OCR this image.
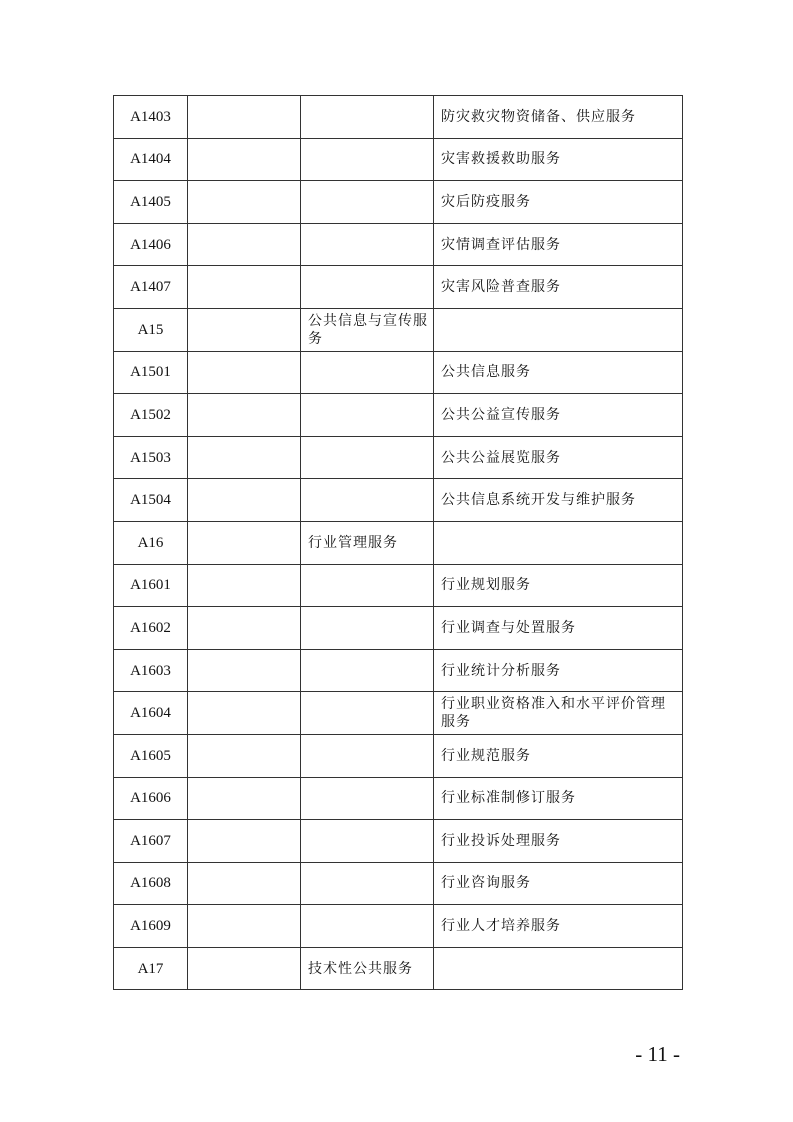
A1403			防灾救灾物资储备、供应服务
A1404			灾害救援救助服务
A1405			灾后防疫服务
A1406			灾情调查评估服务
A1407			灾害风险普查服务
A15		公共信息与宣传服务	
A1501			公共信息服务
A1502			公共公益宣传服务
A1503			公共公益展览服务
A1504			公共信息系统开发与维护服务
A16		行业管理服务	
A1601			行业规划服务
A1602			行业调查与处置服务
A1603			行业统计分析服务
A1604			行业职业资格准入和水平评价管理服务
A1605			行业规范服务
A1606			行业标准制修订服务
A1607			行业投诉处理服务
A1608			行业咨询服务
A1609			行业人才培养服务
A17		技术性公共服务	
- 11 -
